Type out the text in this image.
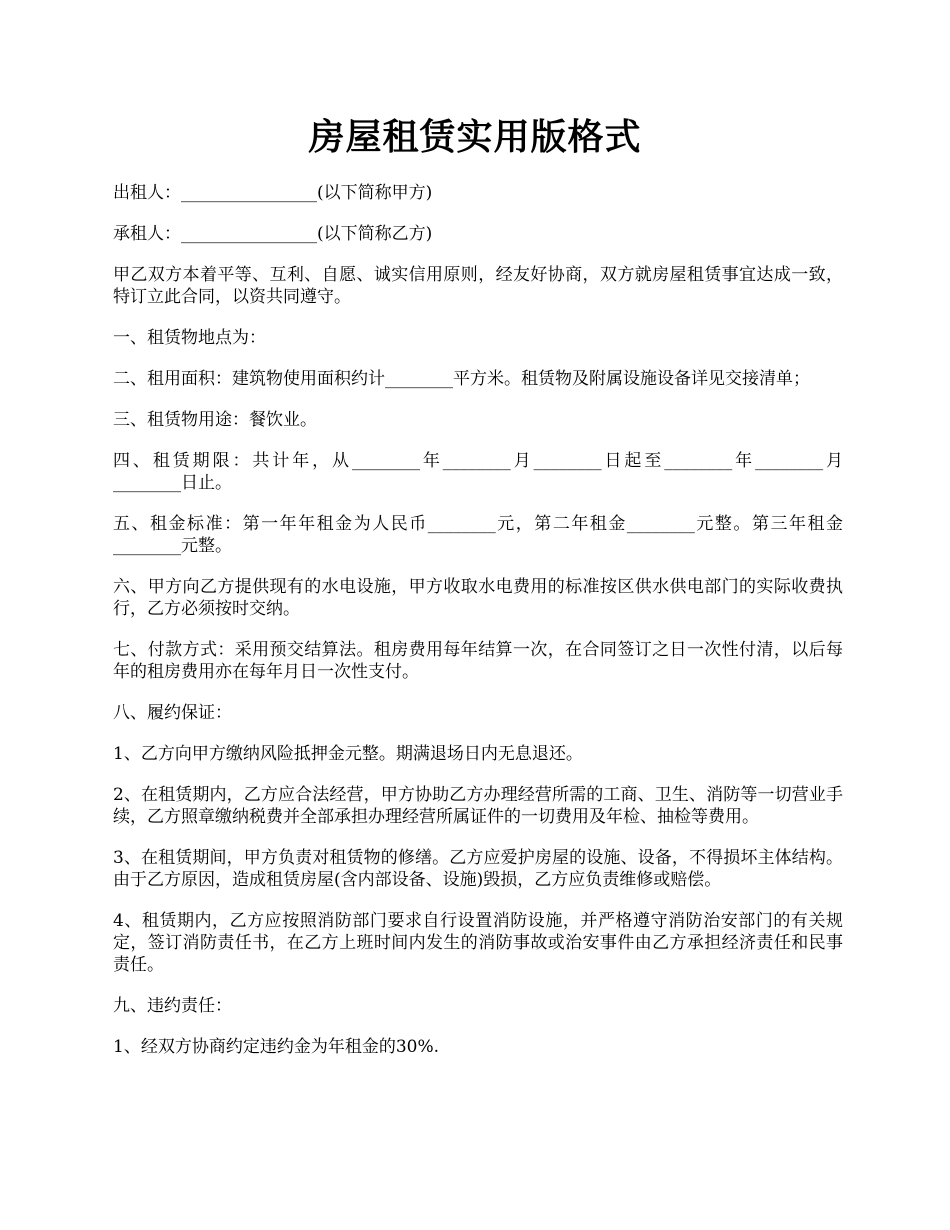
房屋租赁实用版格式

出租人：________________(以下简称甲方)

承租人：________________(以下简称乙方)

甲乙双方本着平等、互利、自愿、诚实信用原则，经友好协商，双方就房屋租赁事宜达成一致，特订立此合同，以资共同遵守。

一、租赁物地点为：

二、租用面积：建筑物使用面积约计________平方米。租赁物及附属设施设备详见交接清单；

三、租赁物用途：餐饮业。

四、租赁期限：共计年，从________年________月________日起至________年________月________日止。

五、租金标准：第一年年租金为人民币________元，第二年租金________元整。第三年租金________元整。

六、甲方向乙方提供现有的水电设施，甲方收取水电费用的标准按区供水供电部门的实际收费执行，乙方必须按时交纳。

七、付款方式：采用预交结算法。租房费用每年结算一次，在合同签订之日一次性付清，以后每年的租房费用亦在每年月日一次性支付。

八、履约保证：

1、乙方向甲方缴纳风险抵押金元整。期满退场日内无息退还。

2、在租赁期内，乙方应合法经营，甲方协助乙方办理经营所需的工商、卫生、消防等一切营业手续，乙方照章缴纳税费并全部承担办理经营所属证件的一切费用及年检、抽检等费用。

3、在租赁期间，甲方负责对租赁物的修缮。乙方应爱护房屋的设施、设备，不得损坏主体结构。由于乙方原因，造成租赁房屋(含内部设备、设施)毁损，乙方应负责维修或赔偿。

4、租赁期内，乙方应按照消防部门要求自行设置消防设施，并严格遵守消防治安部门的有关规定，签订消防责任书，在乙方上班时间内发生的消防事故或治安事件由乙方承担经济责任和民事责任。

九、违约责任：

1、经双方协商约定违约金为年租金的30%.
